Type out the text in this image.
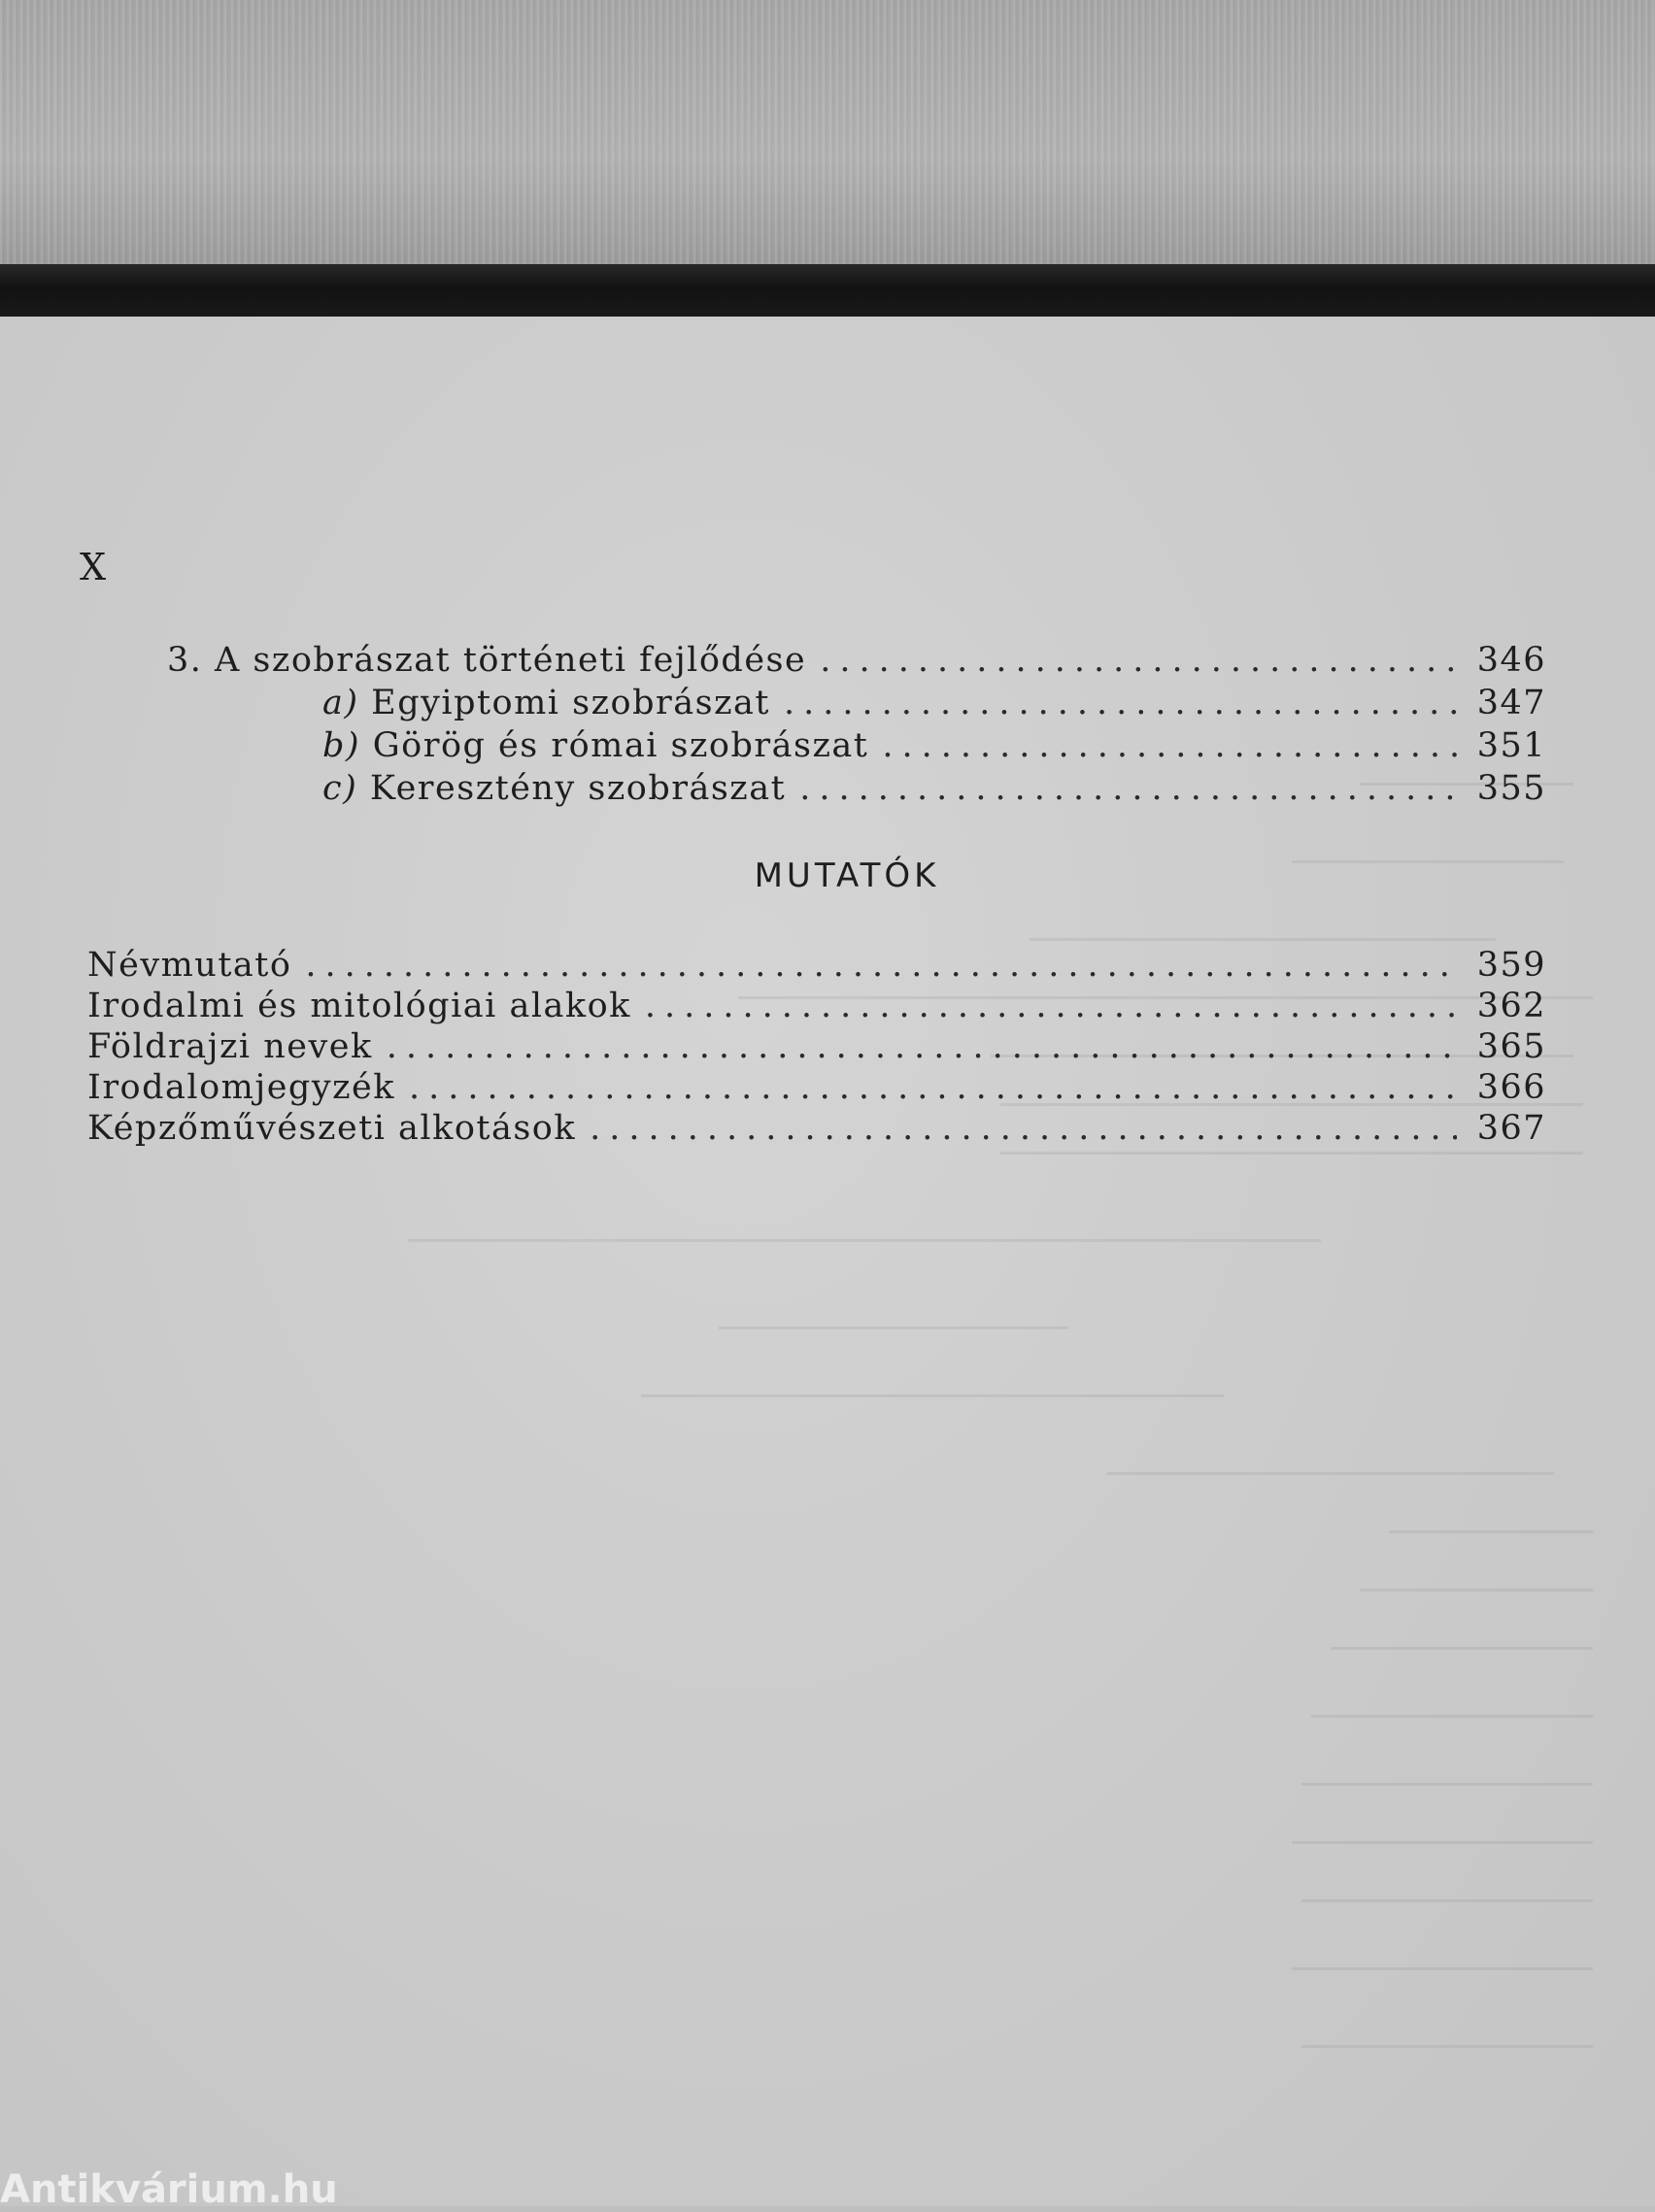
X
3. A szobrászat történeti fejlődése .....	346
a) Egyiptomi szobrászat .....	347
b) Görög és római szobrászat .....	351
c) Keresztény szobrászat .....	355
MUTATÓK
Névmutató .....	359
Irodalmi és mitológiai alakok .....	362
Földrajzi nevek .....	365
Irodalomjegyzék .....	366
Képzőművészeti alkotások .....	367
Antikvárium.hu
